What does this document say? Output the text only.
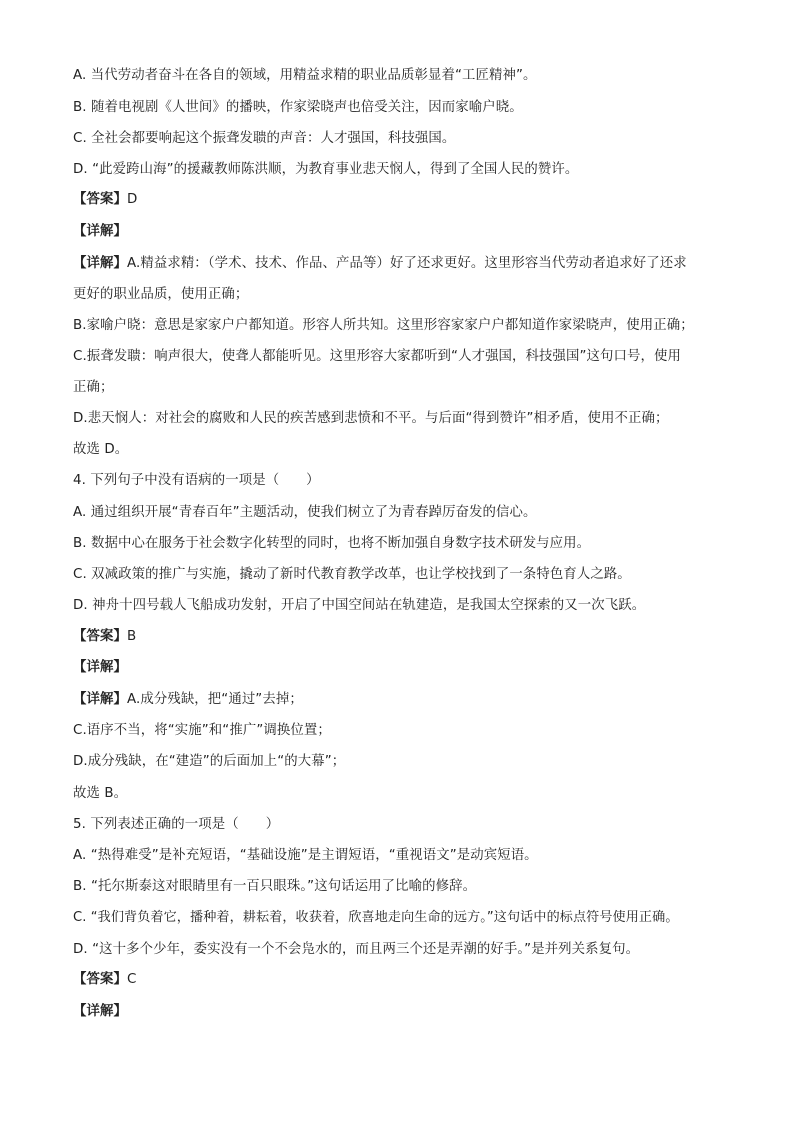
A. 当代劳动者奋斗在各自的领域，用精益求精的职业品质彰显着“工匠精神”。
B. 随着电视剧《人世间》的播映，作家梁晓声也倍受关注，因而家喻户晓。
C. 全社会都要响起这个振聋发聩的声音：人才强国，科技强国。
D. “此爱跨山海”的援藏教师陈洪顺，为教育事业悲天悯人，得到了全国人民的赞许。
【答案】D
【详解】
【详解】A.精益求精：（学术、技术、作品、产品等）好了还求更好。这里形容当代劳动者追求好了还求
更好的职业品质，使用正确；
B.家喻户晓：意思是家家户户都知道。形容人所共知。这里形容家家户户都知道作家梁晓声，使用正确；
C.振聋发聩：响声很大，使聋人都能听见。这里形容大家都听到“人才强国，科技强国”这句口号，使用
正确；
D.悲天悯人：对社会的腐败和人民的疾苦感到悲愤和不平。与后面“得到赞许”相矛盾，使用不正确；
故选 D。
4. 下列句子中没有语病的一项是（　　）
A. 通过组织开展“青春百年”主题活动，使我们树立了为青春踔厉奋发的信心。
B. 数据中心在服务于社会数字化转型的同时，也将不断加强自身数字技术研发与应用。
C. 双减政策的推广与实施，撬动了新时代教育教学改革，也让学校找到了一条特色育人之路。
D. 神舟十四号载人飞船成功发射，开启了中国空间站在轨建造，是我国太空探索的又一次飞跃。
【答案】B
【详解】
【详解】A.成分残缺，把“通过”去掉；
C.语序不当，将“实施”和“推广”调换位置；
D.成分残缺，在“建造”的后面加上“的大幕”；
故选 B。
5. 下列表述正确的一项是（　　）
A. “热得难受”是补充短语，“基础设施”是主谓短语，“重视语文”是动宾短语。
B. “托尔斯泰这对眼睛里有一百只眼珠。”这句话运用了比喻的修辞。
C. “我们背负着它，播种着，耕耘着，收获着，欣喜地走向生命的远方。”这句话中的标点符号使用正确。
D. “这十多个少年，委实没有一个不会凫水的，而且两三个还是弄潮的好手。”是并列关系复句。
【答案】C
【详解】
